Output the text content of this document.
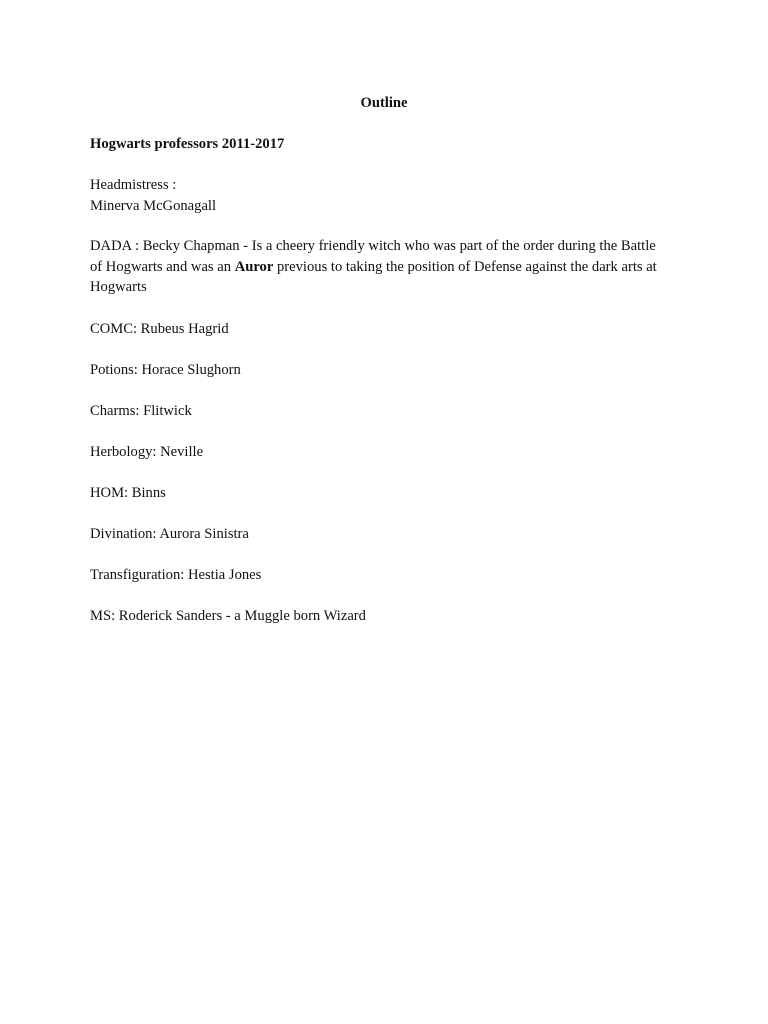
Outline

Hogwarts professors 2011-2017

Headmistress :
Minerva McGonagall
DADA : Becky Chapman - Is a cheery friendly witch who was part of the order during the Battle
of Hogwarts and was an Auror previous to taking the position of Defense against the dark arts at
Hogwarts

COMC: Rubeus Hagrid

Potions: Horace Slughorn

Charms: Flitwick

Herbology: Neville

HOM: Binns

Divination: Aurora Sinistra

Transfiguration: Hestia Jones

MS: Roderick Sanders - a Muggle born Wizard
